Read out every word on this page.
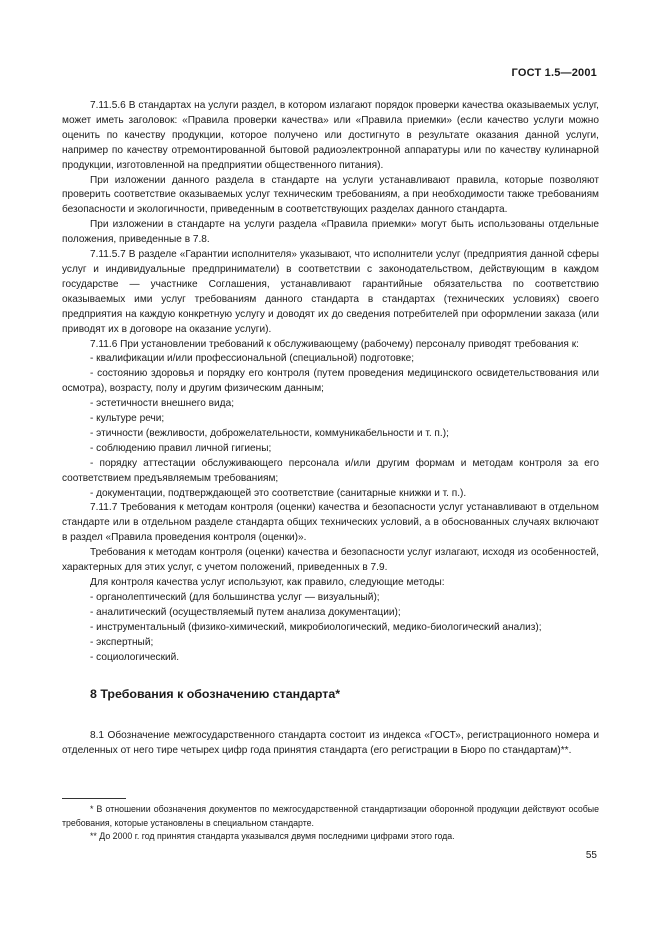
ГОСТ 1.5—2001

7.11.5.6 В стандартах на услуги раздел, в котором излагают порядок проверки качества оказываемых услуг, может иметь заголовок: «Правила проверки качества» или «Правила приемки» (если качество услуги можно оценить по качеству продукции, которое получено или достигнуто в результате оказания данной услуги, например по качеству отремонтированной бытовой радиоэлектронной аппаратуры или по качеству кулинарной продукции, изготовленной на предприятии общественного питания).

При изложении данного раздела в стандарте на услуги устанавливают правила, которые позволяют проверить соответствие оказываемых услуг техническим требованиям, а при необходимости также требованиям безопасности и экологичности, приведенным в соответствующих разделах данного стандарта.

При изложении в стандарте на услуги раздела «Правила приемки» могут быть использованы отдельные положения, приведенные в 7.8.

7.11.5.7 В разделе «Гарантии исполнителя» указывают, что исполнители услуг (предприятия данной сферы услуг и индивидуальные предприниматели) в соответствии с законодательством, действующим в каждом государстве — участнике Соглашения, устанавливают гарантийные обязательства по соответствию оказываемых ими услуг требованиям данного стандарта в стандартах (технических условиях) своего предприятия на каждую конкретную услугу и доводят их до сведения потребителей при оформлении заказа (или приводят их в договоре на оказание услуги).

7.11.6 При установлении требований к обслуживающему (рабочему) персоналу приводят требования к:

- квалификации и/или профессиональной (специальной) подготовке;

- состоянию здоровья и порядку его контроля (путем проведения медицинского освидетельствования или осмотра), возрасту, полу и другим физическим данным;

- эстетичности внешнего вида;

- культуре речи;

- этичности (вежливости, доброжелательности, коммуникабельности и т. п.);

- соблюдению правил личной гигиены;

- порядку аттестации обслуживающего персонала и/или другим формам и методам контроля за его соответствием предъявляемым требованиям;

- документации, подтверждающей это соответствие (санитарные книжки и т. п.).

7.11.7 Требования к методам контроля (оценки) качества и безопасности услуг устанавливают в отдельном стандарте или в отдельном разделе стандарта общих технических условий, а в обоснованных случаях включают в раздел «Правила проведения контроля (оценки)».

Требования к методам контроля (оценки) качества и безопасности услуг излагают, исходя из особенностей, характерных для этих услуг, с учетом положений, приведенных в 7.9.

Для контроля качества услуг используют, как правило, следующие методы:

- органолептический (для большинства услуг — визуальный);

- аналитический (осуществляемый путем анализа документации);

- инструментальный (физико-химический, микробиологический, медико-биологический анализ);

- экспертный;

- социологический.

8 Требования к обозначению стандарта*

8.1 Обозначение межгосударственного стандарта состоит из индекса «ГОСТ», регистрационного номера и отделенных от него тире четырех цифр года принятия стандарта (его регистрации в Бюро по стандартам)**.

* В отношении обозначения документов по межгосударственной стандартизации оборонной продукции действуют особые требования, которые установлены в специальном стандарте.

** До 2000 г. год принятия стандарта указывался двумя последними цифрами этого года.

55
